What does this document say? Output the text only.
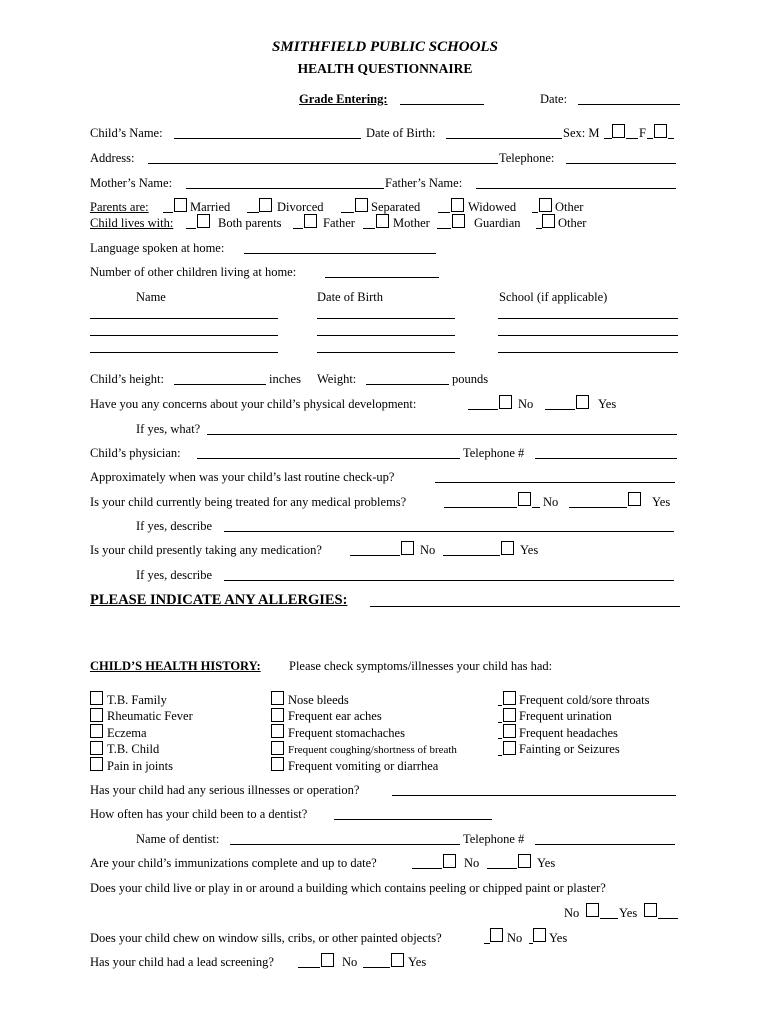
SMITHFIELD PUBLIC SCHOOLS
HEALTH QUESTIONNAIRE
Grade Entering:	Date:
Child’s Name:	Date of Birth:	Sex: M	F
Address:	Telephone:
Mother’s Name:	Father’s Name:
Parents are:	Married	Divorced	Separated	Widowed	Other
Child lives with:	Both parents	Father	Mother	Guardian	Other
Language spoken at home:
Number of other children living at home:
Name	Date of Birth	School (if applicable)
Child’s height:	inches Weight:	pounds
Have you any concerns about your child’s physical development:	No	Yes
If yes, what?
Child’s physician:	Telephone #
Approximately when was your child’s last routine check-up?
Is your child currently being treated for any medical problems?	No	Yes
If yes, describe
Is your child presently taking any medication?	No	Yes
If yes, describe
PLEASE INDICATE ANY ALLERGIES:
CHILD’S HEALTH HISTORY: Please check symptoms/illnesses your child has had:
T.B. Family
Rheumatic Fever
Eczema
T.B. Child
Pain in joints
Nose bleeds
Frequent ear aches
Frequent stomachaches
Frequent coughing/shortness of breath
Frequent vomiting or diarrhea
Frequent cold/sore throats
Frequent urination
Frequent headaches
Fainting or Seizures
Has your child had any serious illnesses or operation?
How often has your child been to a dentist?
Name of dentist:	Telephone #
Are your child’s immunizations complete and up to date?	No	Yes
Does your child live or play in or around a building which contains peeling or chipped paint or plaster?
No	Yes
Does your child chew on window sills, cribs, or other painted objects?	No Yes
Has your child had a lead screening?	No	Yes
